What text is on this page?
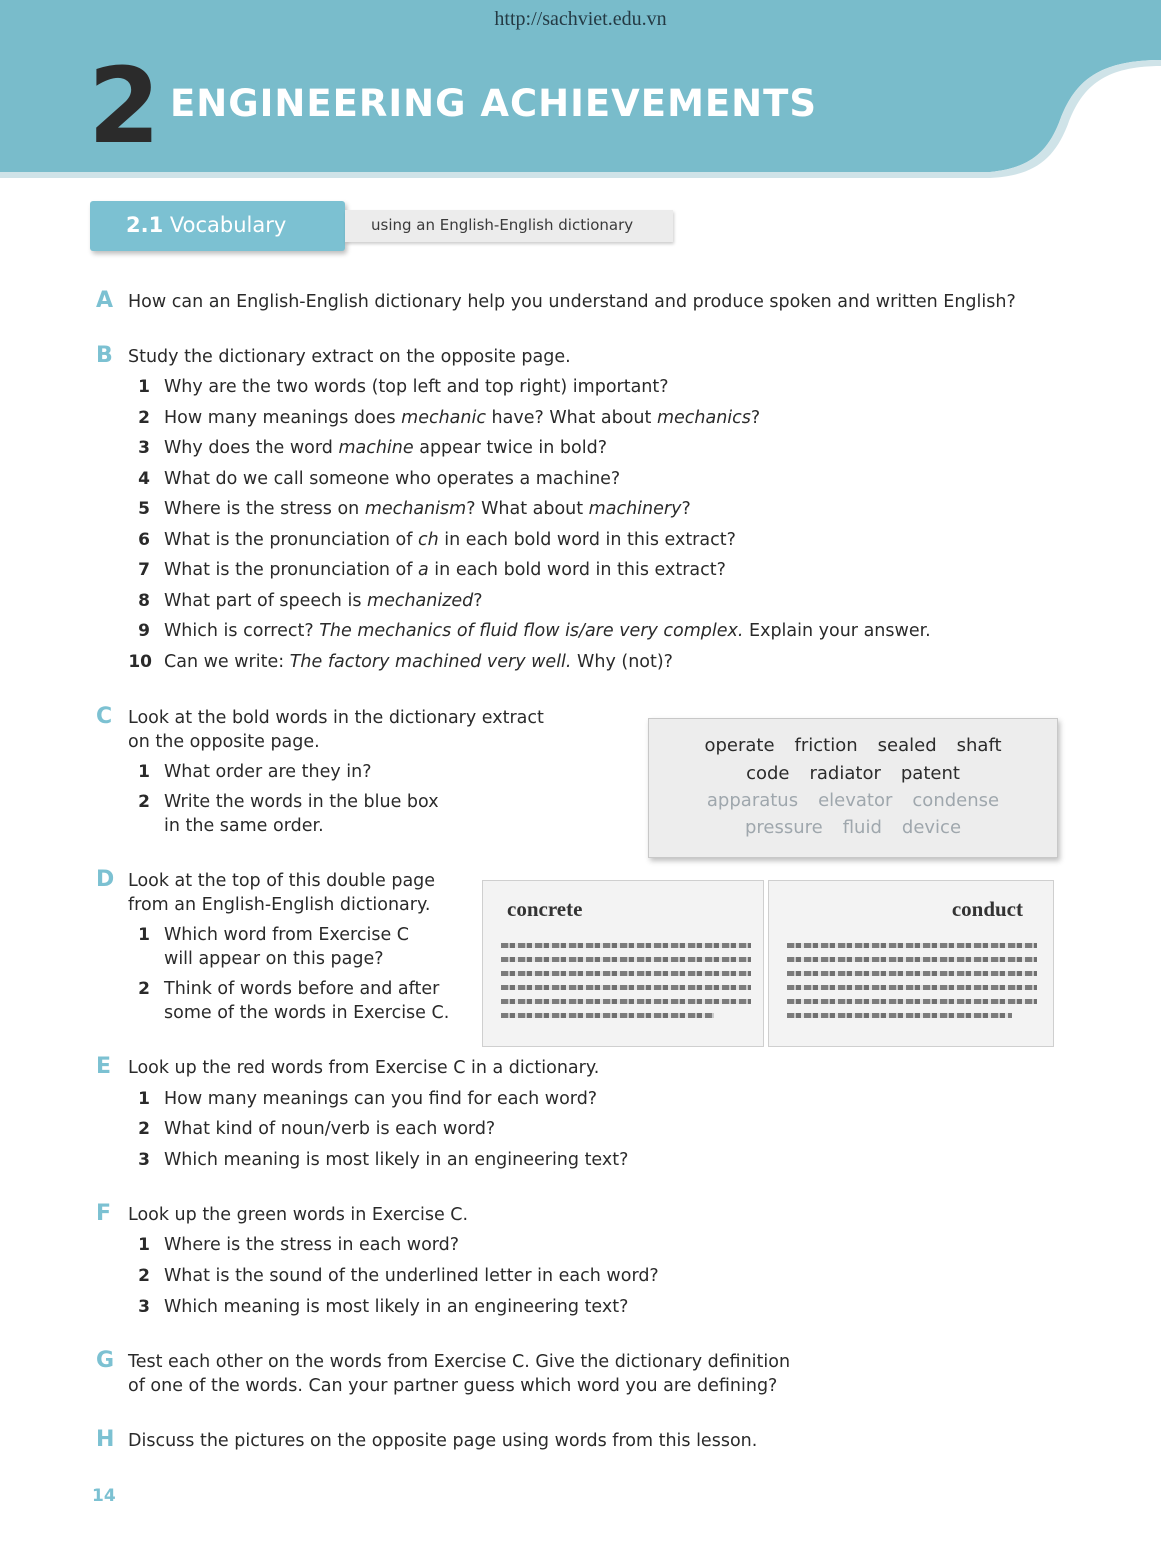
http://sachviet.edu.vn
2 ENGINEERING ACHIEVEMENTS
2.1 Vocabulary	using an English-English dictionary
A How can an English-English dictionary help you understand and produce spoken and written English?
B Study the dictionary extract on the opposite page.
1 Why are the two words (top left and top right) important?
2 How many meanings does mechanic have? What about mechanics?
3 Why does the word machine appear twice in bold?
4 What do we call someone who operates a machine?
5 Where is the stress on mechanism? What about machinery?
6 What is the pronunciation of ch in each bold word in this extract?
7 What is the pronunciation of a in each bold word in this extract?
8 What part of speech is mechanized?
9 Which is correct? The mechanics of fluid flow is/are very complex. Explain your answer.
10 Can we write: The factory machined very well. Why (not)?
C Look at the bold words in the dictionary extract
on the opposite page.
1 What order are they in?
2 Write the words in the blue box
in the same order.
operate friction sealed shaft
code radiator patent
apparatus elevator condense
pressure fluid device
D Look at the top of this double page
from an English-English dictionary.
1 Which word from Exercise C
will appear on this page?
2 Think of words before and after
some of the words in Exercise C.
concrete	conduct
E Look up the red words from Exercise C in a dictionary.
1 How many meanings can you find for each word?
2 What kind of noun/verb is each word?
3 Which meaning is most likely in an engineering text?
F Look up the green words in Exercise C.
1 Where is the stress in each word?
2 What is the sound of the underlined letter in each word?
3 Which meaning is most likely in an engineering text?
G Test each other on the words from Exercise C. Give the dictionary definition
of one of the words. Can your partner guess which word you are defining?
H Discuss the pictures on the opposite page using words from this lesson.
14
